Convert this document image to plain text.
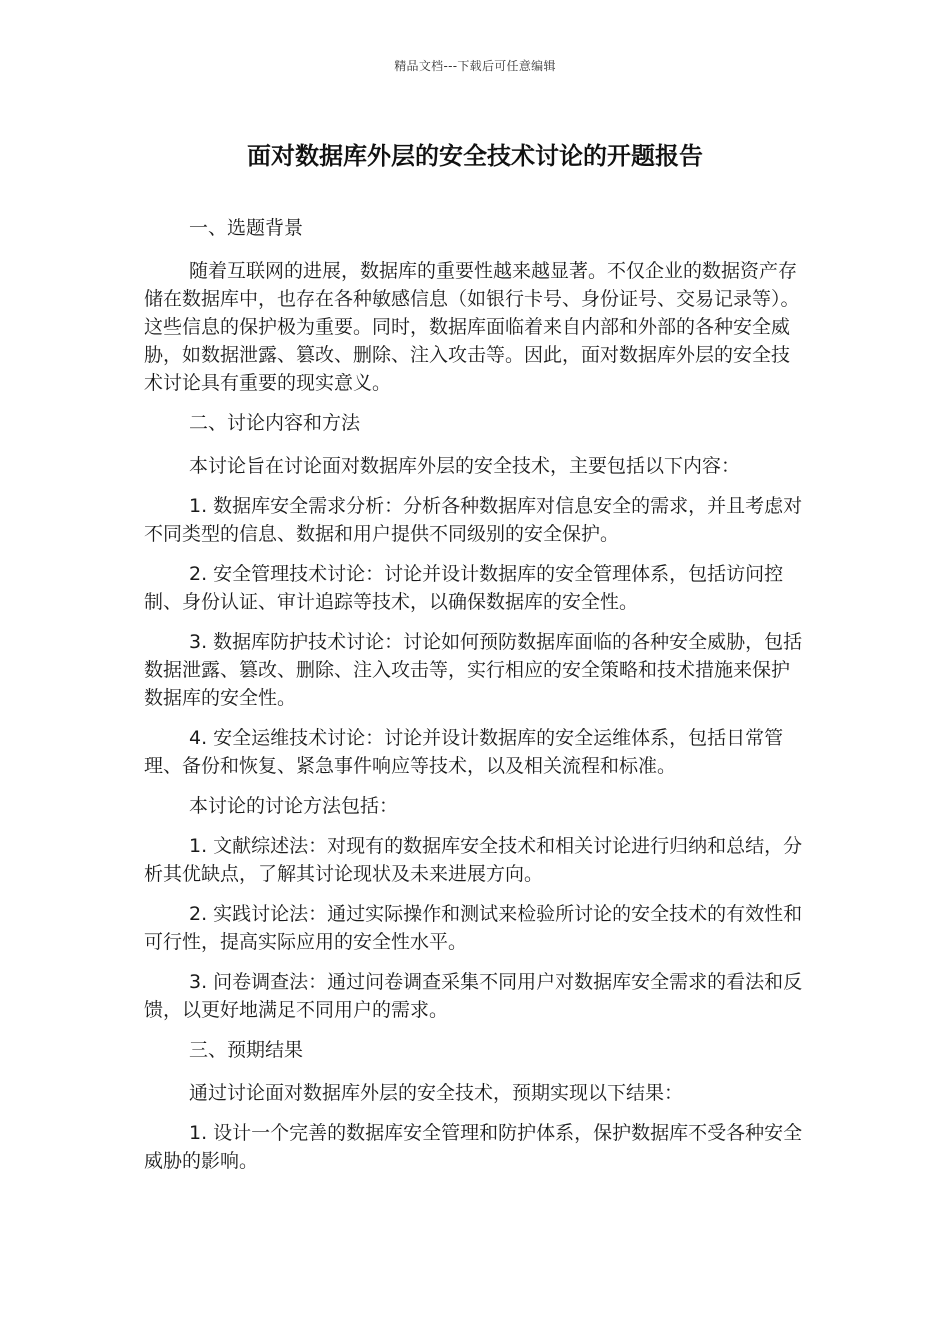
精品文档---下载后可任意编辑
面对数据库外层的安全技术讨论的开题报告

一、选题背景

随着互联网的进展，数据库的重要性越来越显著。不仅企业的数据资产存储在数据库中，也存在各种敏感信息（如银行卡号、身份证号、交易记录等）。这些信息的保护极为重要。同时，数据库面临着来自内部和外部的各种安全威胁，如数据泄露、篡改、删除、注入攻击等。因此，面对数据库外层的安全技术讨论具有重要的现实意义。

二、讨论内容和方法

本讨论旨在讨论面对数据库外层的安全技术，主要包括以下内容：

1. 数据库安全需求分析：分析各种数据库对信息安全的需求，并且考虑对不同类型的信息、数据和用户提供不同级别的安全保护。

2. 安全管理技术讨论：讨论并设计数据库的安全管理体系，包括访问控制、身份认证、审计追踪等技术，以确保数据库的安全性。

3. 数据库防护技术讨论：讨论如何预防数据库面临的各种安全威胁，包括数据泄露、篡改、删除、注入攻击等，实行相应的安全策略和技术措施来保护数据库的安全性。

4. 安全运维技术讨论：讨论并设计数据库的安全运维体系，包括日常管理、备份和恢复、紧急事件响应等技术，以及相关流程和标准。

本讨论的讨论方法包括：

1. 文献综述法：对现有的数据库安全技术和相关讨论进行归纳和总结，分析其优缺点，了解其讨论现状及未来进展方向。

2. 实践讨论法：通过实际操作和测试来检验所讨论的安全技术的有效性和可行性，提高实际应用的安全性水平。

3. 问卷调查法：通过问卷调查采集不同用户对数据库安全需求的看法和反馈，以更好地满足不同用户的需求。

三、预期结果

通过讨论面对数据库外层的安全技术，预期实现以下结果：

1. 设计一个完善的数据库安全管理和防护体系，保护数据库不受各种安全威胁的影响。
